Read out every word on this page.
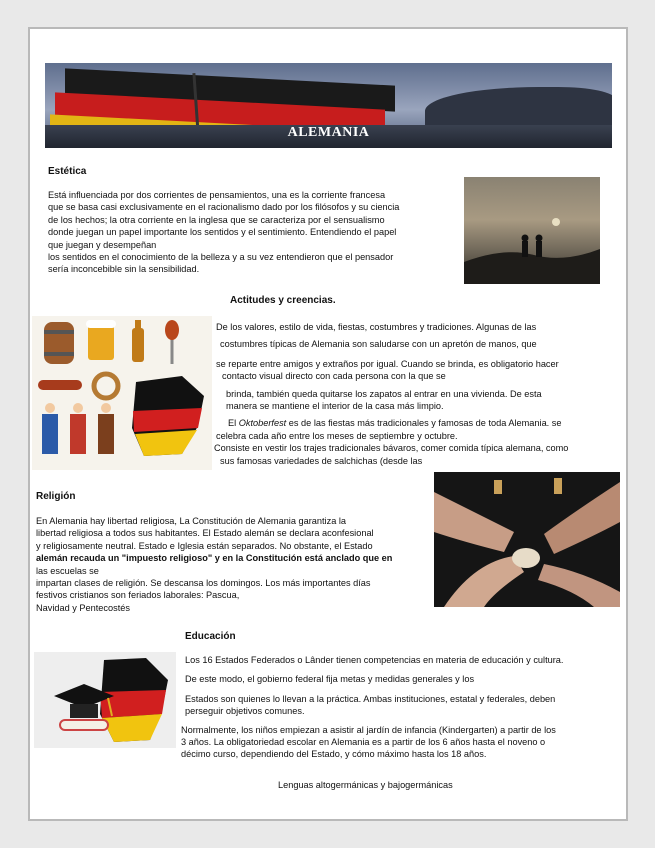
ALEMANIA
Estética
Está influenciada por dos corrientes de pensamientos, una es la corriente francesa
que se basa casi exclusivamente en el racionalismo dado por los filósofos y su ciencia
de los hechos; la otra corriente en la inglesa que se caracteriza por el sensualismo
donde juegan un papel importante los sentidos y el sentimiento. Entendiendo el papel
que juegan y desempeñan
los sentidos en el conocimiento de la belleza y a su vez entendieron que el pensador
sería inconcebible sin la sensibilidad.
Actitudes y creencias.
De los valores, estilo de vida, fiestas, costumbres y tradiciones. Algunas de las
costumbres típicas de Alemania son saludarse con un apretón de manos, que
se reparte entre amigos y extraños por igual. Cuando se brinda, es obligatorio hacer
contacto visual directo con cada persona con la que se
brinda, también queda quitarse los zapatos al entrar en una vivienda. De esta
manera se mantiene el interior de la casa más limpio.
El Oktoberfest es de las fiestas más tradicionales y famosas de toda Alemania. se
celebra cada año entre los meses de septiembre y octubre.
Consiste en vestir los trajes tradicionales bávaros, comer comida típica alemana, como
sus famosas variedades de salchichas (desde las
Religión
En Alemania hay libertad religiosa, La Constitución de Alemania garantiza la
libertad religiosa a todos sus habitantes. El Estado alemán se declara aconfesional
y religiosamente neutral. Estado e Iglesia están separados. No obstante, el Estado
alemán recauda un "impuesto religioso" y en la Constitución está anclado que en
las escuelas se
impartan clases de religión. Se descansa los domingos. Los más importantes días
festivos cristianos son feriados laborales: Pascua,
Navidad y Pentecostés
Educación
Los 16 Estados Federados o Lânder tienen competencias en materia de educación y cultura.
De este modo, el gobierno federal fija metas y medidas generales y los
Estados son quienes lo llevan a la práctica. Ambas instituciones, estatal y federales, deben
perseguir objetivos comunes.
Normalmente, los niños empiezan a asistir al jardín de infancia (Kindergarten) a partir de los
3 años. La obligatoriedad escolar en Alemania es a partir de los 6 años hasta el noveno o
décimo curso, dependiendo del Estado, y cómo máximo hasta los 18 años.
Lenguas altogermánicas y bajogermánicas
